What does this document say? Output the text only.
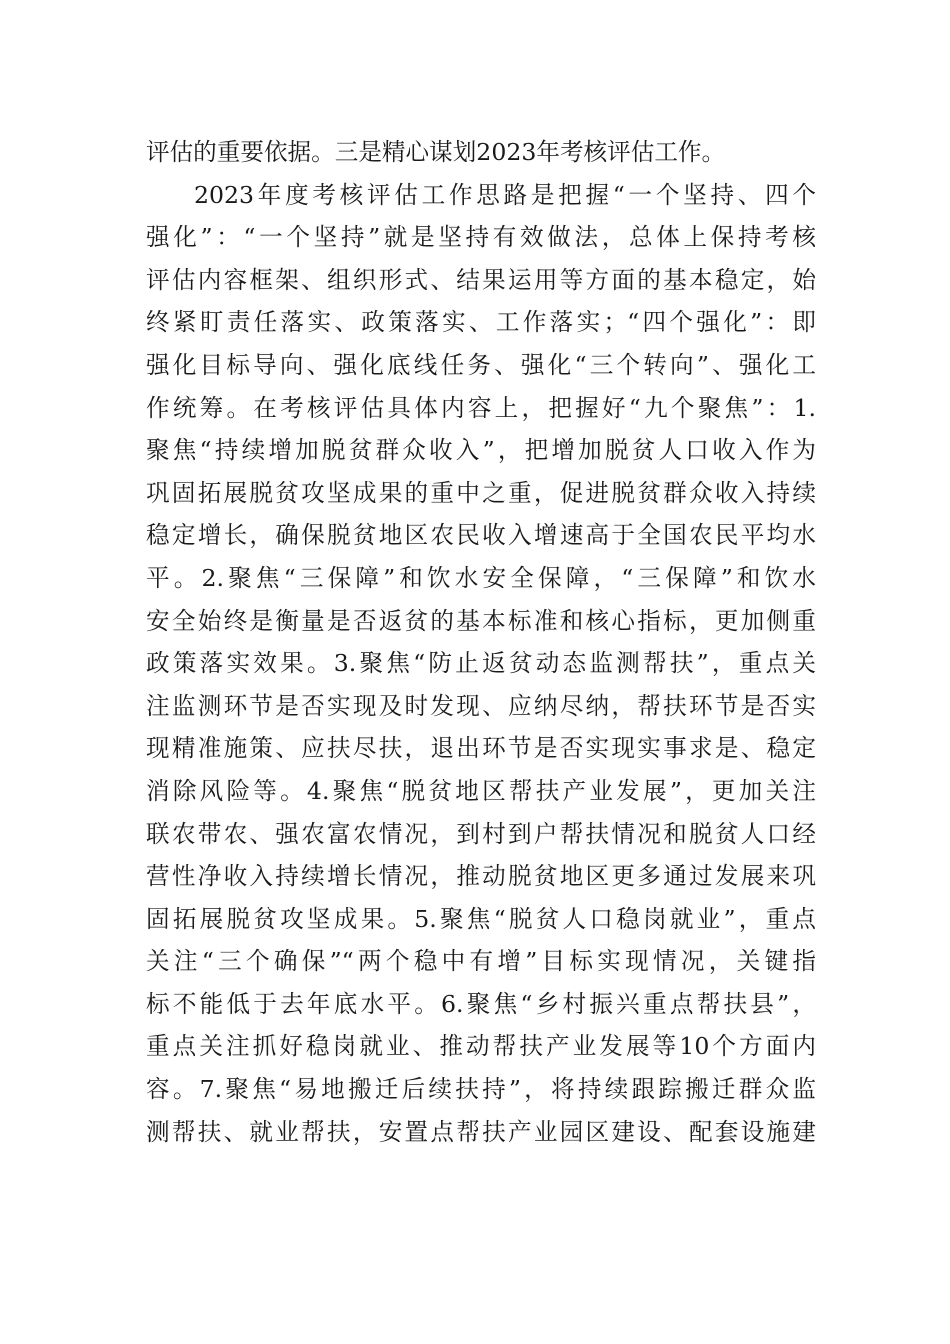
评估的重要依据。三是精心谋划2023年考核评估工作。
2023年度考核评估工作思路是把握“一个坚持、四个
强化”：“一个坚持”就是坚持有效做法，总体上保持考核
评估内容框架、组织形式、结果运用等方面的基本稳定，始
终紧盯责任落实、政策落实、工作落实；“四个强化”：即
强化目标导向、强化底线任务、强化“三个转向”、强化工
作统筹。在考核评估具体内容上，把握好“九个聚焦”：1.
聚焦“持续增加脱贫群众收入”，把增加脱贫人口收入作为
巩固拓展脱贫攻坚成果的重中之重，促进脱贫群众收入持续
稳定增长，确保脱贫地区农民收入增速高于全国农民平均水
平。2.聚焦“三保障”和饮水安全保障，“三保障”和饮水
安全始终是衡量是否返贫的基本标准和核心指标，更加侧重
政策落实效果。3.聚焦“防止返贫动态监测帮扶”，重点关
注监测环节是否实现及时发现、应纳尽纳，帮扶环节是否实
现精准施策、应扶尽扶，退出环节是否实现实事求是、稳定
消除风险等。4.聚焦“脱贫地区帮扶产业发展”，更加关注
联农带农、强农富农情况，到村到户帮扶情况和脱贫人口经
营性净收入持续增长情况，推动脱贫地区更多通过发展来巩
固拓展脱贫攻坚成果。5.聚焦“脱贫人口稳岗就业”，重点
关注“三个确保”“两个稳中有增”目标实现情况，关键指
标不能低于去年底水平。6.聚焦“乡村振兴重点帮扶县”，
重点关注抓好稳岗就业、推动帮扶产业发展等10个方面内
容。7.聚焦“易地搬迁后续扶持”，将持续跟踪搬迁群众监
测帮扶、就业帮扶，安置点帮扶产业园区建设、配套设施建
